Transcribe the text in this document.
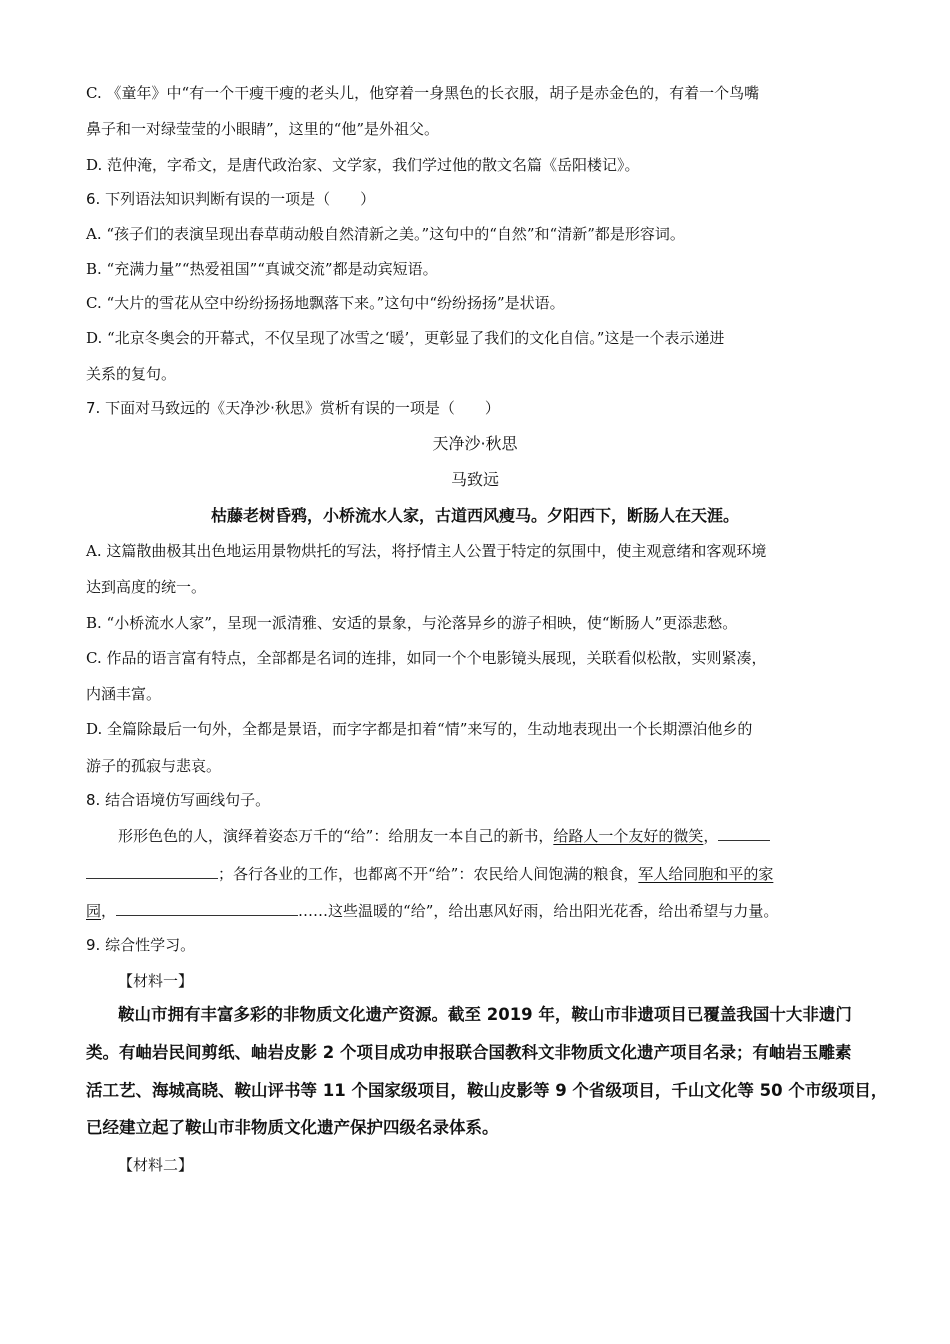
C. 《童年》中“有一个干瘦干瘦的老头儿，他穿着一身黑色的长衣服，胡子是赤金色的，有着一个鸟嘴
鼻子和一对绿莹莹的小眼睛”，这里的“他”是外祖父。
D. 范仲淹，字希文，是唐代政治家、文学家，我们学过他的散文名篇《岳阳楼记》。
6. 下列语法知识判断有误的一项是（　　）
A. “孩子们的表演呈现出春草萌动般自然清新之美。”这句中的“自然”和“清新”都是形容词。
B. “充满力量”“热爱祖国”“真诚交流”都是动宾短语。
C. “大片的雪花从空中纷纷扬扬地飘落下来。”这句中“纷纷扬扬”是状语。
D. “北京冬奥会的开幕式，不仅呈现了冰雪之‘暖’，更彰显了我们的文化自信。”这是一个表示递进
关系的复句。
7. 下面对马致远的《天净沙·秋思》赏析有误的一项是（　　）
天净沙·秋思
马致远
枯藤老树昏鸦，小桥流水人家，古道西风瘦马。夕阳西下，断肠人在天涯。
A. 这篇散曲极其出色地运用景物烘托的写法，将抒情主人公置于特定的氛围中，使主观意绪和客观环境
达到高度的统一。
B. “小桥流水人家”，呈现一派清雅、安适的景象，与沦落异乡的游子相映，使“断肠人”更添悲愁。
C. 作品的语言富有特点，全部都是名词的连排，如同一个个电影镜头展现，关联看似松散，实则紧凑，
内涵丰富。
D. 全篇除最后一句外，全都是景语，而字字都是扣着“情”来写的，生动地表现出一个长期漂泊他乡的
游子的孤寂与悲哀。
8. 结合语境仿写画线句子。
形形色色的人，演绎着姿态万千的“给”：给朋友一本自己的新书，给路人一个友好的微笑，
；各行各业的工作，也都离不开“给”：农民给人间饱满的粮食，军人给同胞和平的家
园，	……这些温暖的“给”，给出惠风好雨，给出阳光花香，给出希望与力量。
9. 综合性学习。
【材料一】
鞍山市拥有丰富多彩的非物质文化遗产资源。截至 2019 年，鞍山市非遗项目已覆盖我国十大非遗门
类。有岫岩民间剪纸、岫岩皮影 2 个项目成功申报联合国教科文非物质文化遗产项目名录；有岫岩玉雕素
活工艺、海城高晓、鞍山评书等 11 个国家级项目，鞍山皮影等 9 个省级项目，千山文化等 50 个市级项目，
已经建立起了鞍山市非物质文化遗产保护四级名录体系。
【材料二】
